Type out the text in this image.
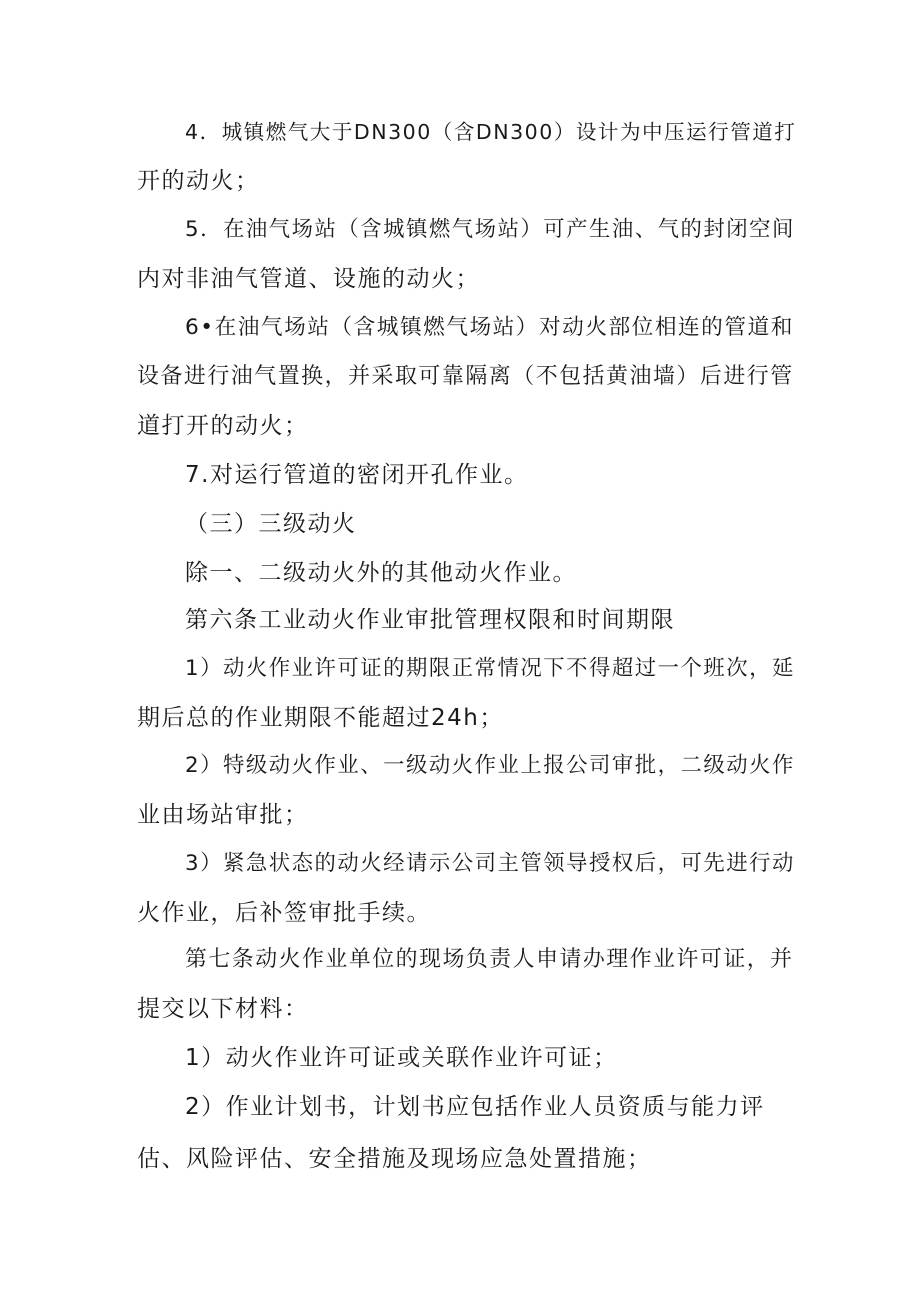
4．城镇燃气大于DN300（含DN300）设计为中压运行管道打
开的动火；
5．在油气场站（含城镇燃气场站）可产生油、气的封闭空间
内对非油气管道、设施的动火；
6•在油气场站（含城镇燃气场站）对动火部位相连的管道和
设备进行油气置换，并采取可靠隔离（不包括黄油墙）后进行管
道打开的动火；
7.对运行管道的密闭开孔作业。
（三）三级动火
除一、二级动火外的其他动火作业。
第六条工业动火作业审批管理权限和时间期限
1）动火作业许可证的期限正常情况下不得超过一个班次，延
期后总的作业期限不能超过24h；
2）特级动火作业、一级动火作业上报公司审批，二级动火作
业由场站审批；
3）紧急状态的动火经请示公司主管领导授权后，可先进行动
火作业，后补签审批手续。
第七条动火作业单位的现场负责人申请办理作业许可证，并
提交以下材料：
1）动火作业许可证或关联作业许可证；
2）作业计划书，计划书应包括作业人员资质与能力评
估、风险评估、安全措施及现场应急处置措施；
